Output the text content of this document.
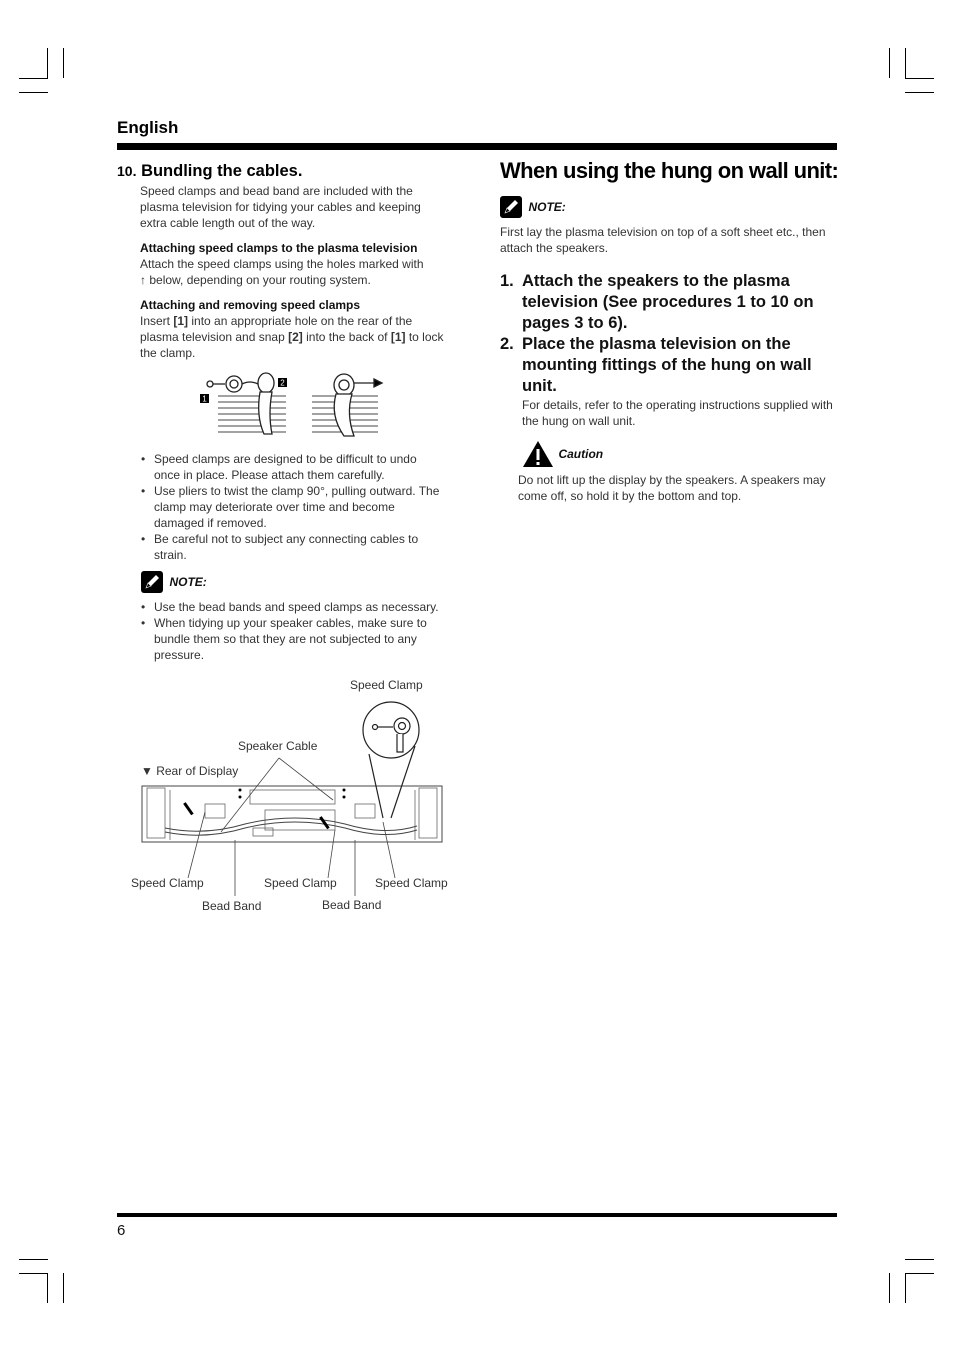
English
10. Bundling the cables.
Speed clamps and bead band are included with the plasma television for tidying your cables and keeping extra cable length out of the way.
Attaching speed clamps to the plasma television
Attach the speed clamps using the holes marked with
↑ below, depending on your routing system.
Attaching and removing speed clamps
Insert [1] into an appropriate hole on the rear of the plasma television and snap [2] into the back of [1] to lock the clamp.
1
2
• Speed clamps are designed to be difficult to undo once in place. Please attach them carefully.
• Use pliers to twist the clamp 90°, pulling outward. The clamp may deteriorate over time and become damaged if removed.
• Be careful not to subject any connecting cables to strain.
NOTE:
• Use the bead bands and speed clamps as necessary.
• When tidying up your speaker cables, make sure to bundle them so that they are not subjected to any pressure.
Speed Clamp
Speaker Cable
▼ Rear of Display
Speed Clamp	Speed Clamp	Speed Clamp
Bead Band	Bead Band
When using the hung on wall unit:
NOTE:
First lay the plasma television on top of a soft sheet etc., then attach the speakers.
1. Attach the speakers to the plasma television (See procedures 1 to 10 on pages 3 to 6).
2. Place the plasma television on the mounting fittings of the hung on wall unit.
For details, refer to the operating instructions supplied with the hung on wall unit.
Caution
Do not lift up the display by the speakers. A speakers may come off, so hold it by the bottom and top.
6
